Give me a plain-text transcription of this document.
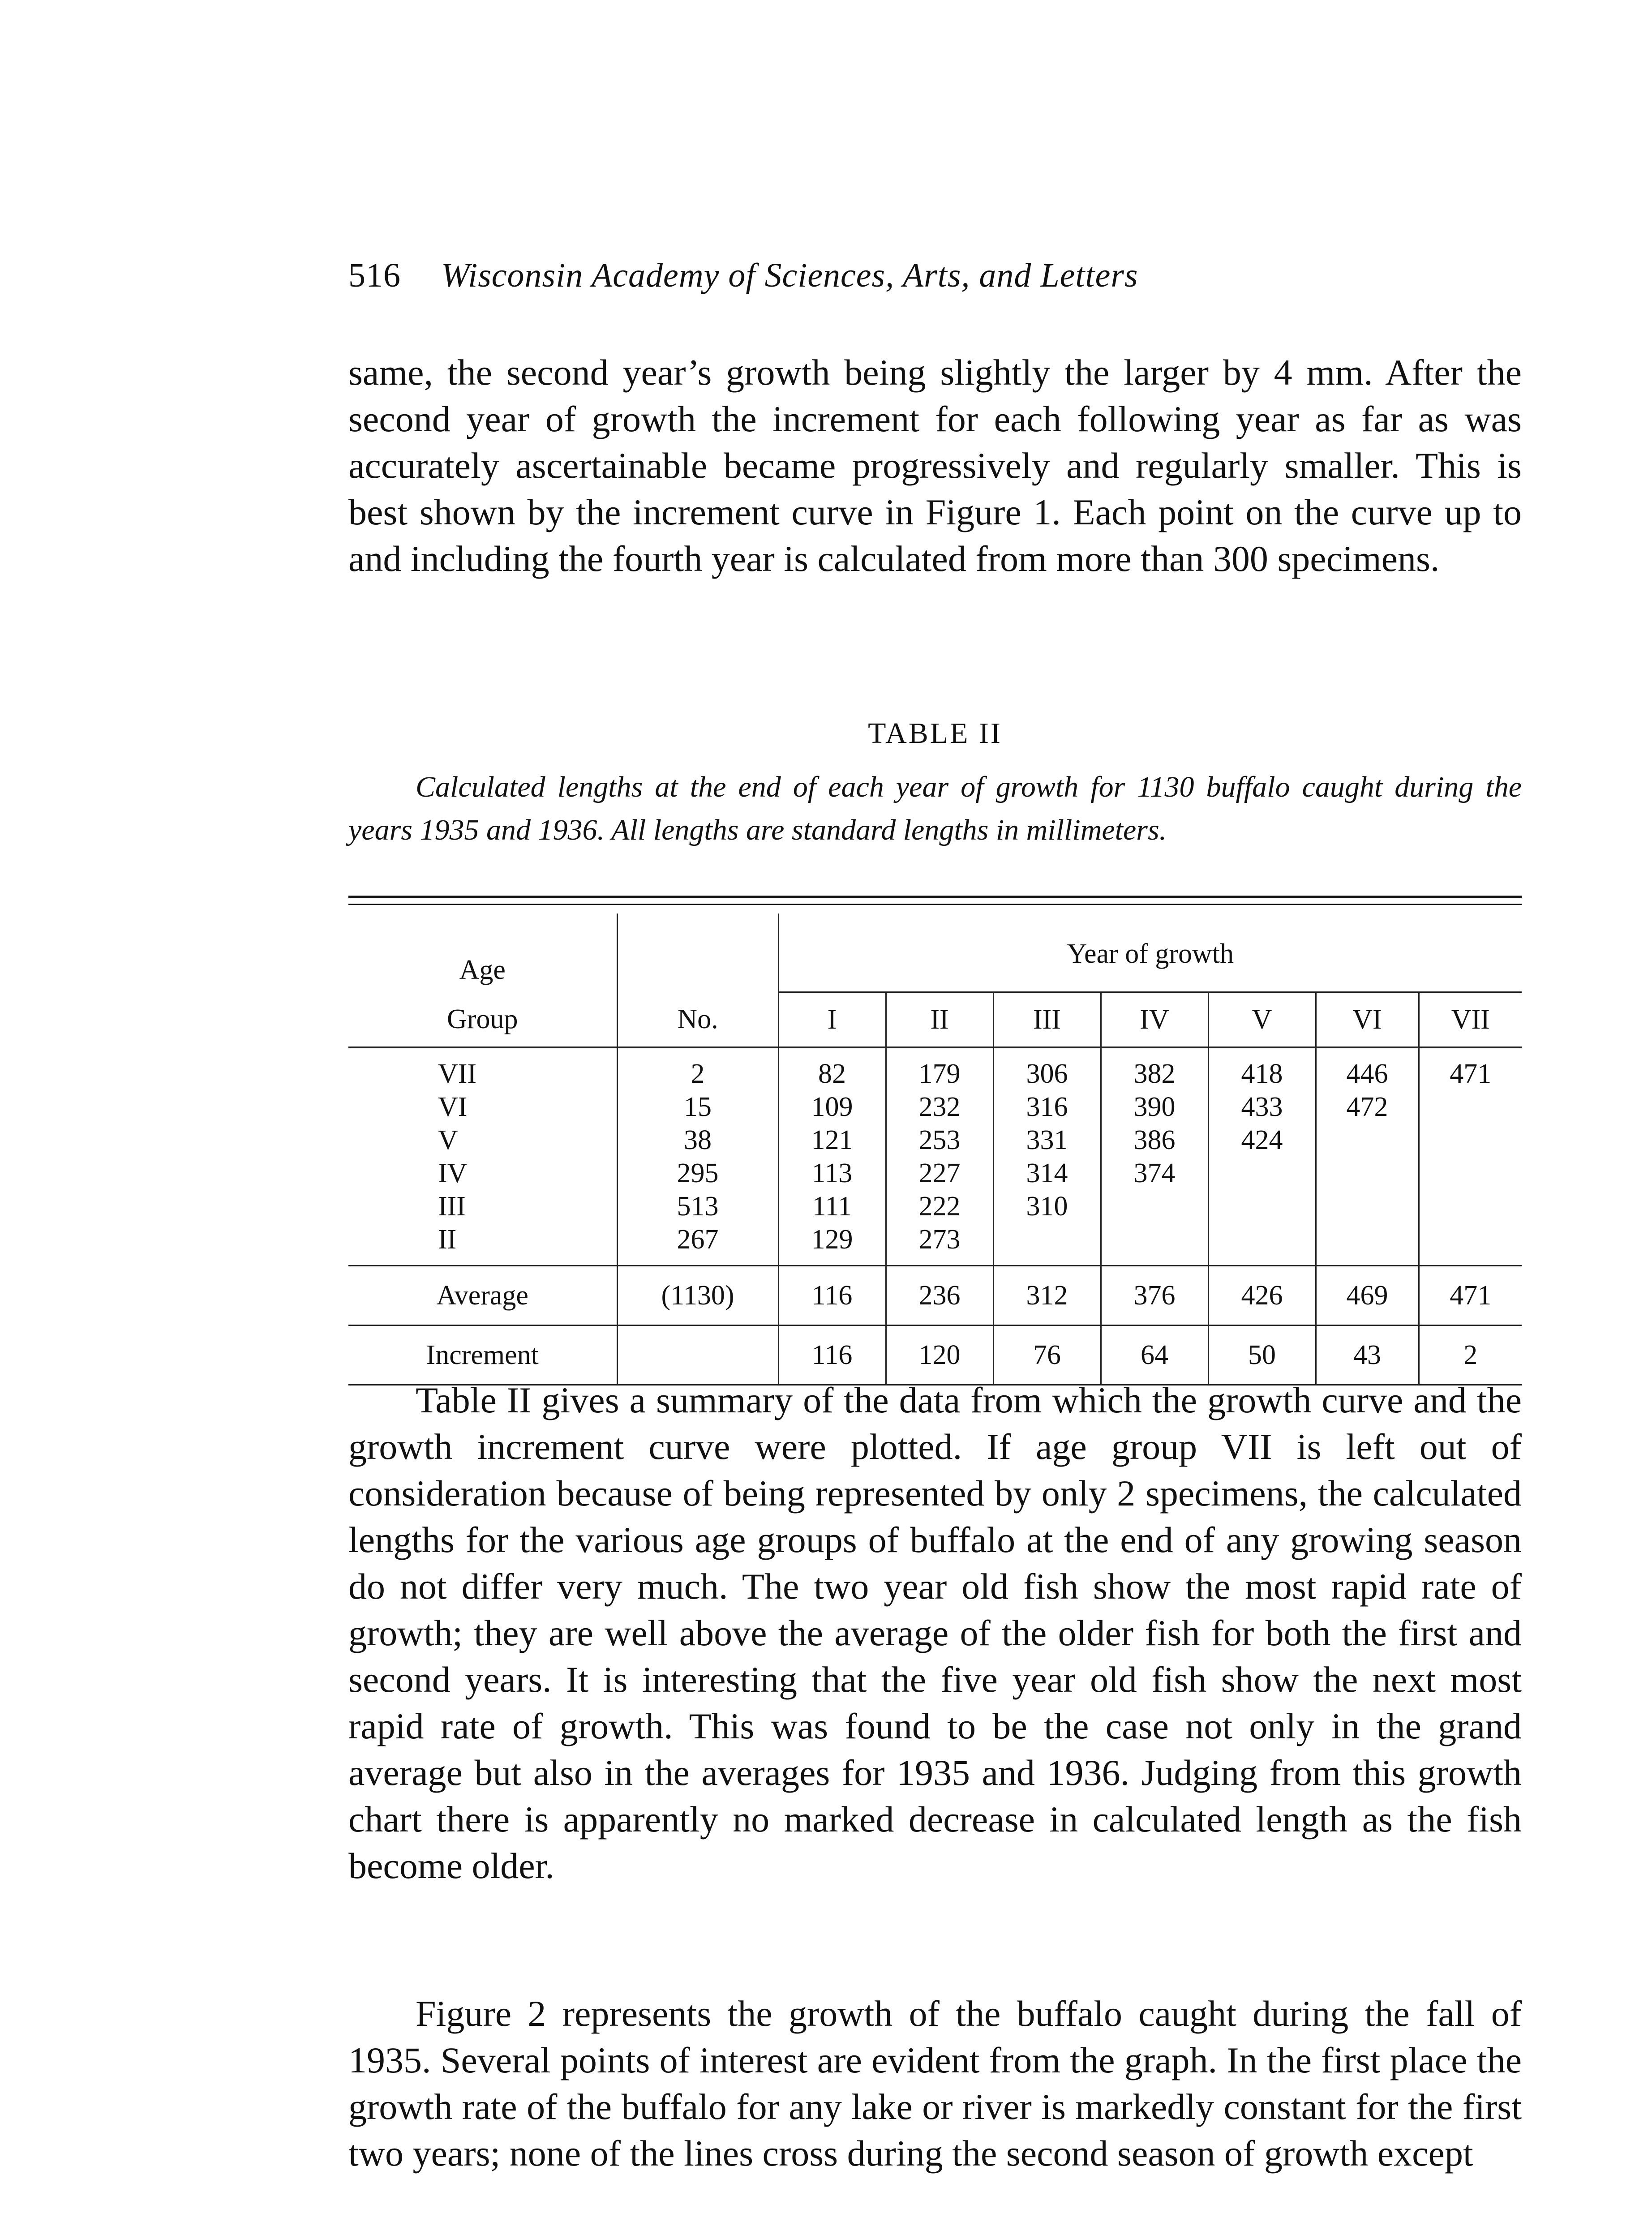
516 Wisconsin Academy of Sciences, Arts, and Letters
same, the second year’s growth being slightly the larger by 4 mm. After the second year of growth the increment for each following year as far as was accurately ascertainable became progressively and regularly smaller. This is best shown by the increment curve in Figure 1. Each point on the curve up to and including the fourth year is calculated from more than 300 specimens.
TABLE II
Calculated lengths at the end of each year of growth for 1130 buffalo caught during the years 1935 and 1936. All lengths are standard lengths in millimeters.
Age		Year of growth						
Group	No.	I	II	III	IV	V	VI	VII
VII	2	82	179	306	382	418	446	471
VI	15	109	232	316	390	433	472	
V	38	121	253	331	386	424		
IV	295	113	227	314	374			
III	513	111	222	310				
II	267	129	273					
Average	(1130)	116	236	312	376	426	469	471
Increment		116	120	76	64	50	43	2
Table II gives a summary of the data from which the growth curve and the growth increment curve were plotted. If age group VII is left out of consideration because of being represented by only 2 specimens, the calculated lengths for the various age groups of buffalo at the end of any growing season do not differ very much. The two year old fish show the most rapid rate of growth; they are well above the average of the older fish for both the first and second years. It is interesting that the five year old fish show the next most rapid rate of growth. This was found to be the case not only in the grand average but also in the averages for 1935 and 1936. Judging from this growth chart there is apparently no marked decrease in calculated length as the fish become older.
Figure 2 represents the growth of the buffalo caught during the fall of 1935. Several points of interest are evident from the graph. In the first place the growth rate of the buffalo for any lake or river is markedly constant for the first two years; none of the lines cross during the second season of growth except
